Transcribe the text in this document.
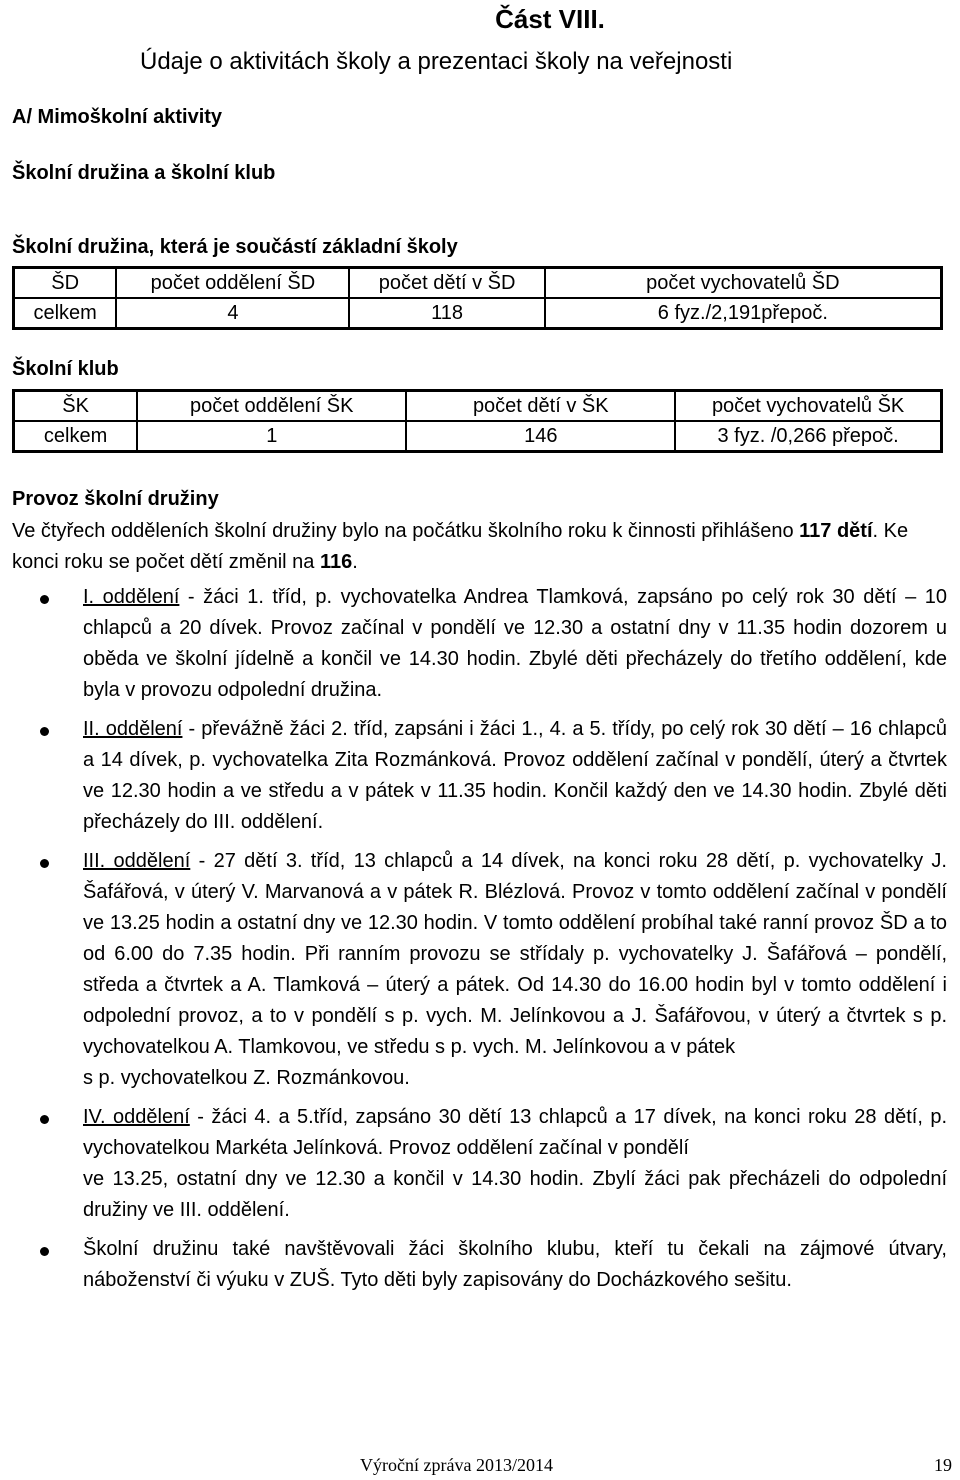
Část VIII.
Údaje o aktivitách školy a prezentaci školy na veřejnosti
A/ Mimoškolní aktivity
Školní družina a školní klub
Školní družina, která je součástí základní školy
ŠD	počet oddělení ŠD	počet dětí v ŠD	počet vychovatelů ŠD
celkem	4	118	6 fyz./2,191přepoč.
Školní klub
ŠK	počet oddělení ŠK	počet dětí v ŠK	počet vychovatelů ŠK
celkem	1	146	3 fyz. /0,266 přepoč.
Provoz školní družiny
Ve čtyřech odděleních školní družiny bylo na počátku školního roku k činnosti přihlášeno 117 dětí. Ke konci roku se počet dětí změnil na 116.
I. oddělení - žáci 1. tříd, p. vychovatelka Andrea Tlamková, zapsáno po celý rok 30 dětí – 10 chlapců a 20 dívek. Provoz začínal v pondělí ve 12.30 a ostatní dny v 11.35 hodin dozorem u oběda ve školní jídelně a končil ve 14.30 hodin. Zbylé děti přecházely do třetího oddělení, kde byla v provozu odpolední družina.
II. oddělení - převážně žáci 2. tříd, zapsáni i žáci 1., 4. a 5. třídy, po celý rok 30 dětí – 16 chlapců a 14 dívek, p. vychovatelka Zita Rozmánková. Provoz oddělení začínal v pondělí, úterý a čtvrtek ve 12.30 hodin a ve středu a v pátek v 11.35 hodin. Končil každý den ve 14.30 hodin. Zbylé děti přecházely do III. oddělení.
III. oddělení - 27 dětí 3. tříd, 13 chlapců a 14 dívek, na konci roku 28 dětí, p. vychovatelky J. Šafářová, v úterý V. Marvanová a v pátek R. Blézlová. Provoz v tomto oddělení začínal v pondělí ve 13.25 hodin a ostatní dny ve 12.30 hodin. V tomto oddělení probíhal také ranní provoz ŠD a to od 6.00 do 7.35 hodin. Při ranním provozu se střídaly p. vychovatelky J. Šafářová – pondělí, středa a čtvrtek a A. Tlamková – úterý a pátek. Od 14.30 do 16.00 hodin byl v tomto oddělení i odpolední provoz, a to v pondělí s p. vych. M. Jelínkovou a J. Šafářovou, v úterý a čtvrtek s p. vychovatelkou A. Tlamkovou, ve středu s p. vych. M. Jelínkovou a v pátek
s p. vychovatelkou Z. Rozmánkovou.
IV. oddělení - žáci 4. a 5.tříd, zapsáno 30 dětí 13 chlapců a 17 dívek, na konci roku 28 dětí, p. vychovatelkou Markéta Jelínková. Provoz oddělení začínal v pondělí
ve 13.25, ostatní dny ve 12.30 a končil v 14.30 hodin. Zbylí žáci pak přecházeli do odpolední družiny ve III. oddělení.
Školní družinu také navštěvovali žáci školního klubu, kteří tu čekali na zájmové útvary, náboženství či výuku v ZUŠ. Tyto děti byly zapisovány do Docházkového sešitu.
Výroční zpráva 2013/2014	19
